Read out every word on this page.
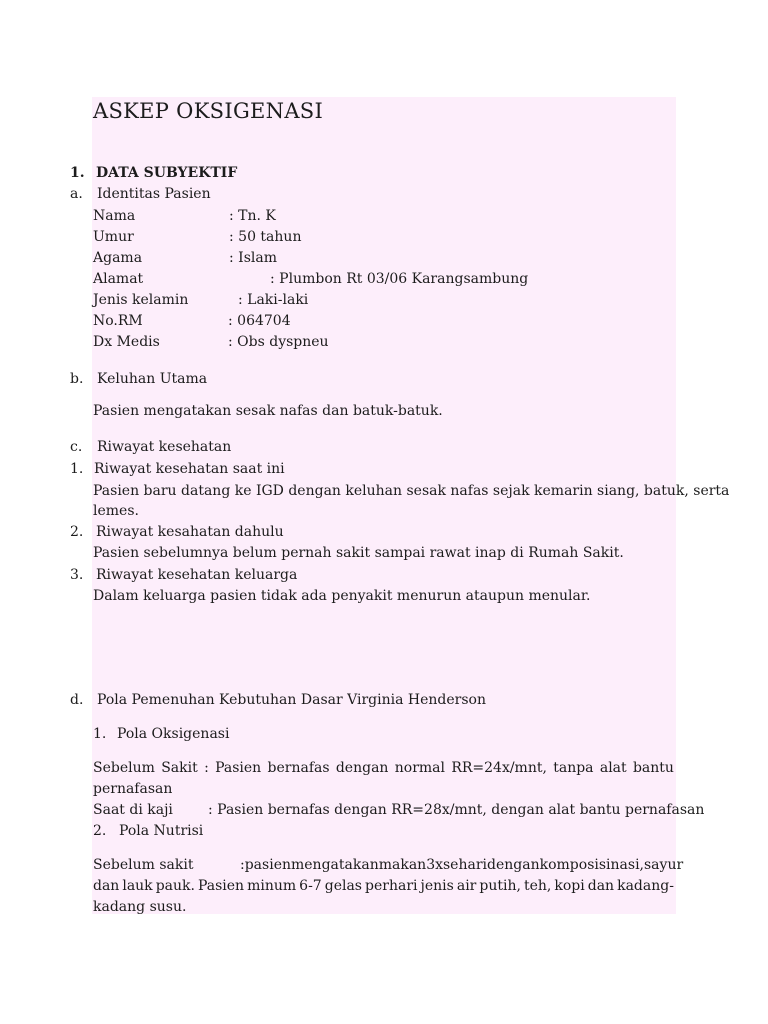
ASKEP OKSIGENASI
1. DATA SUBYEKTIF
a. Identitas Pasien
Nama	: Tn. K
Umur	: 50 tahun
Agama	: Islam
Alamat	: Plumbon Rt 03/06 Karangsambung
Jenis kelamin	: Laki-laki
No.RM	: 064704
Dx Medis	: Obs dyspneu
b. Keluhan Utama
Pasien mengatakan sesak nafas dan batuk-batuk.
c. Riwayat kesehatan
1. Riwayat kesehatan saat ini
Pasien baru datang ke IGD dengan keluhan sesak nafas sejak kemarin siang, batuk, serta
lemes.
2. Riwayat kesahatan dahulu
Pasien sebelumnya belum pernah sakit sampai rawat inap di Rumah Sakit.
3. Riwayat kesehatan keluarga
Dalam keluarga pasien tidak ada penyakit menurun ataupun menular.
d. Pola Pemenuhan Kebutuhan Dasar Virginia Henderson
1. Pola Oksigenasi
Sebelum Sakit : Pasien bernafas dengan normal RR=24x/mnt, tanpa alat bantu
pernafasan
Saat di kaji	: Pasien bernafas dengan RR=28x/mnt, dengan alat bantu pernafasan
2. Pola Nutrisi
Sebelum sakit	: pasien mengatakan makan 3x sehari dengan komposisi nasi, sayur
dan lauk pauk. Pasien minum 6-7 gelas perhari jenis air putih, teh, kopi dan kadang-
kadang susu.
